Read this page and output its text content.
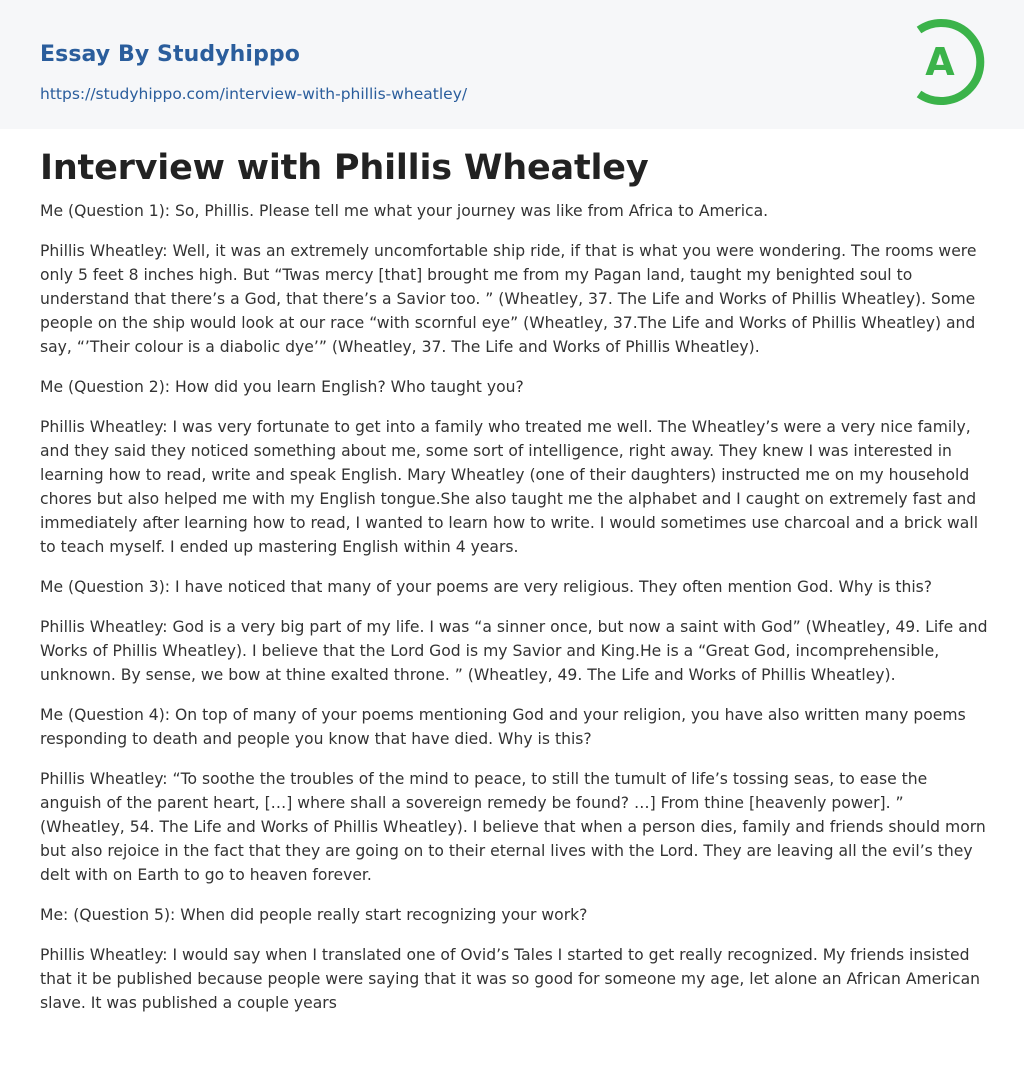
Essay By Studyhippo
https://studyhippo.com/interview-with-phillis-wheatley/
A
Interview with Phillis Wheatley

Me (Question 1): So, Phillis. Please tell me what your journey was like from Africa to America.

Phillis Wheatley: Well, it was an extremely uncomfortable ship ride, if that is what you were wondering. The rooms were only 5 feet 8 inches high. But “Twas mercy [that] brought me from my Pagan land, taught my benighted soul to understand that there’s a God, that there’s a Savior too. ” (Wheatley, 37. The Life and Works of Phillis Wheatley). Some people on the ship would look at our race “with scornful eye” (Wheatley, 37.The Life and Works of Phillis Wheatley) and say, “’Their colour is a diabolic dye’” (Wheatley, 37. The Life and Works of Phillis Wheatley).

Me (Question 2): How did you learn English? Who taught you?

Phillis Wheatley: I was very fortunate to get into a family who treated me well. The Wheatley’s were a very nice family, and they said they noticed something about me, some sort of intelligence, right away. They knew I was interested in learning how to read, write and speak English. Mary Wheatley (one of their daughters) instructed me on my household chores but also helped me with my English tongue.She also taught me the alphabet and I caught on extremely fast and immediately after learning how to read, I wanted to learn how to write. I would sometimes use charcoal and a brick wall to teach myself. I ended up mastering English within 4 years.

Me (Question 3): I have noticed that many of your poems are very religious. They often mention God. Why is this?

Phillis Wheatley: God is a very big part of my life. I was “a sinner once, but now a saint with God” (Wheatley, 49. Life and Works of Phillis Wheatley). I believe that the Lord God is my Savior and King.He is a “Great God, incomprehensible, unknown. By sense, we bow at thine exalted throne. ” (Wheatley, 49. The Life and Works of Phillis Wheatley).

Me (Question 4): On top of many of your poems mentioning God and your religion, you have also written many poems responding to death and people you know that have died. Why is this?

Phillis Wheatley: “To soothe the troubles of the mind to peace, to still the tumult of life’s tossing seas, to ease the anguish of the parent heart, […] where shall a sovereign remedy be found? …] From thine [heavenly power]. ” (Wheatley, 54. The Life and Works of Phillis Wheatley). I believe that when a person dies, family and friends should morn but also rejoice in the fact that they are going on to their eternal lives with the Lord. They are leaving all the evil’s they delt with on Earth to go to heaven forever.

Me: (Question 5): When did people really start recognizing your work?

Phillis Wheatley: I would say when I translated one of Ovid’s Tales I started to get really recognized. My friends insisted that it be published because people were saying that it was so good for someone my age, let alone an African American slave. It was published a couple years
